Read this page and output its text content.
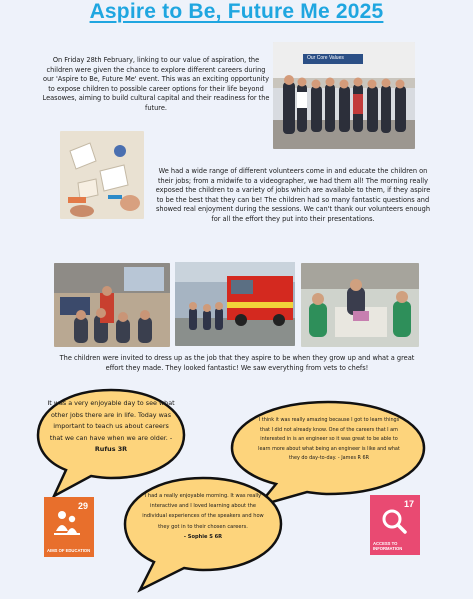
Aspire to Be, Future Me 2025
On Friday 28th February, linking to our value of aspiration, the children were given the chance to explore different careers during our 'Aspire to Be, Future Me' event. This was an exciting opportunity to expose children to possible career options for their life beyond Leasowes, aiming to build cultural capital and their readiness for the future.
Our Core Values
We had a wide range of different volunteers come in and educate the children on their jobs; from a midwife to a videographer, we had them all! The morning really exposed the children to a variety of jobs which are available to them, if they aspire to be the best that they can be! The children had so many fantastic questions and showed real enjoyment during the sessions. We can't thank our volunteers enough for all the effort they put into their presentations.
The children were invited to dress up as the job that they aspire to be when they grow up and what a great effort they made. They looked fantastic! We saw everything from vets to chefs!
It was a very enjoyable day to see what other jobs there are in life. Today was important to teach us about careers that we can have when we are older. -
Rufus 3R
I think it was really amazing because I got to learn things that I did not already know. One of the careers that I am interested in is an engineer so it was great to be able to learn more about what being an engineer is like and what they do day-to-day. - James R 6R
I had a really enjoyable morning. It was really interactive and I loved learning about the individual experiences of the speakers and how they got in to their chosen careers.
- Sophie S 6R
29
AIMS OF EDUCATION
17
ACCESS TO INFORMATION
